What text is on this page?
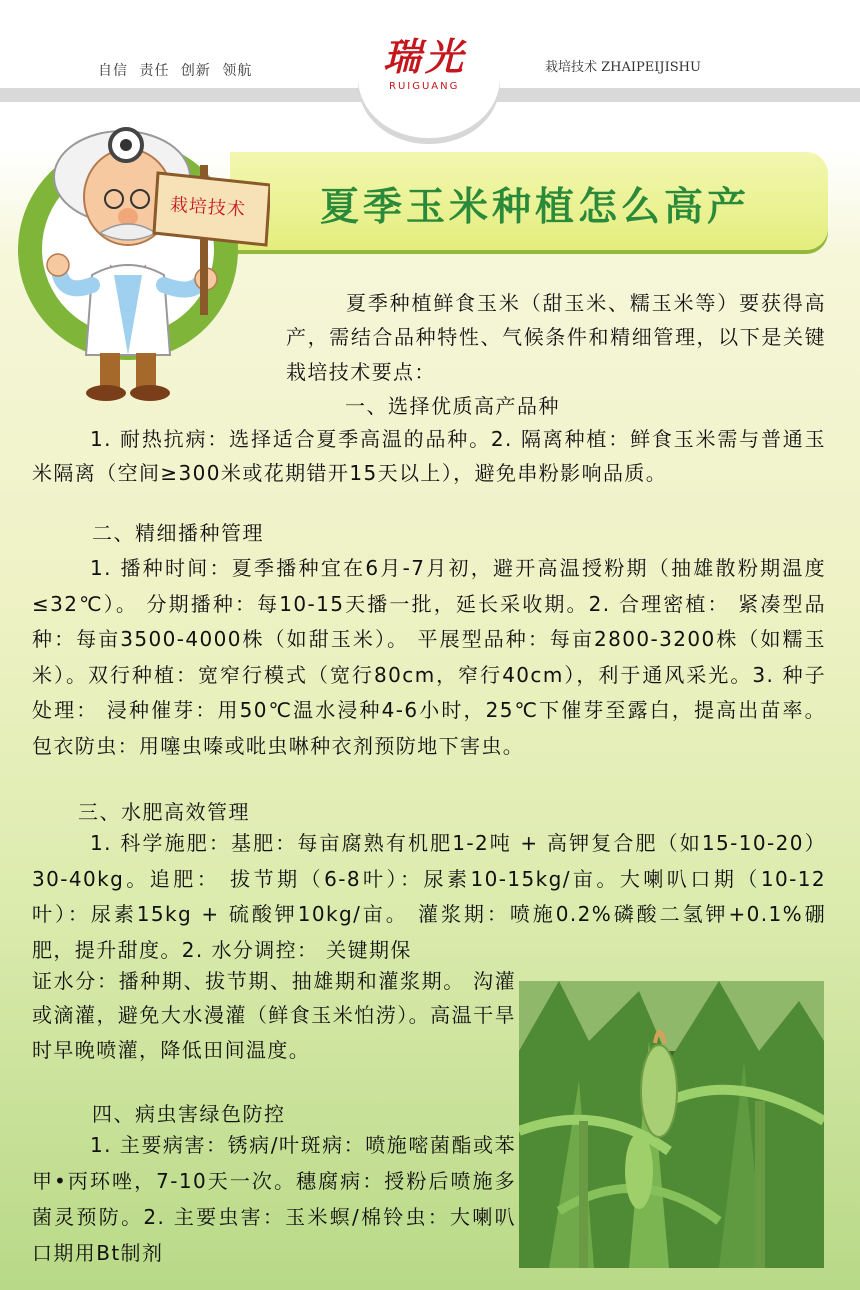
自信 责任 创新 领航	瑞光
RUIGUANG
栽培技术 ZHAIPEIJISHU
夏季玉米种植怎么高产
栽培技术
夏季种植鲜食玉米（甜玉米、糯玉米等）要获得高产，需结合品种特性、气候条件和精细管理，以下是关键栽培技术要点：
一、选择优质高产品种
1. 耐热抗病：选择适合夏季高温的品种。2. 隔离种植：鲜食玉米需与普通玉米隔离（空间≥300米或花期错开15天以上），避免串粉影响品质。
二、精细播种管理
1. 播种时间：夏季播种宜在6月-7月初，避开高温授粉期（抽雄散粉期温度≤32℃）。 分期播种：每10-15天播一批，延长采收期。2. 合理密植： 紧凑型品种：每亩3500-4000株（如甜玉米）。 平展型品种：每亩2800-3200株（如糯玉米）。双行种植：宽窄行模式（宽行80cm，窄行40cm），利于通风采光。3. 种子处理： 浸种催芽：用50℃温水浸种4-6小时，25℃下催芽至露白，提高出苗率。 包衣防虫：用噻虫嗪或吡虫啉种衣剂预防地下害虫。
三、水肥高效管理
1. 科学施肥：基肥：每亩腐熟有机肥1-2吨 + 高钾复合肥（如15-10-20）30-40kg。追肥： 拔节期（6-8叶）：尿素10-15kg/亩。大喇叭口期（10-12叶）：尿素15kg + 硫酸钾10kg/亩。 灌浆期：喷施0.2%磷酸二氢钾+0.1%硼肥，提升甜度。2. 水分调控： 关键期保
证水分：播种期、拔节期、抽雄期和灌浆期。 沟灌或滴灌，避免大水漫灌（鲜食玉米怕涝）。高温干旱时早晚喷灌，降低田间温度。
四、病虫害绿色防控
1. 主要病害：锈病/叶斑病：喷施嘧菌酯或苯甲•丙环唑，7-10天一次。穗腐病：授粉后喷施多菌灵预防。2. 主要虫害：玉米螟/棉铃虫：大喇叭口期用Bt制剂
